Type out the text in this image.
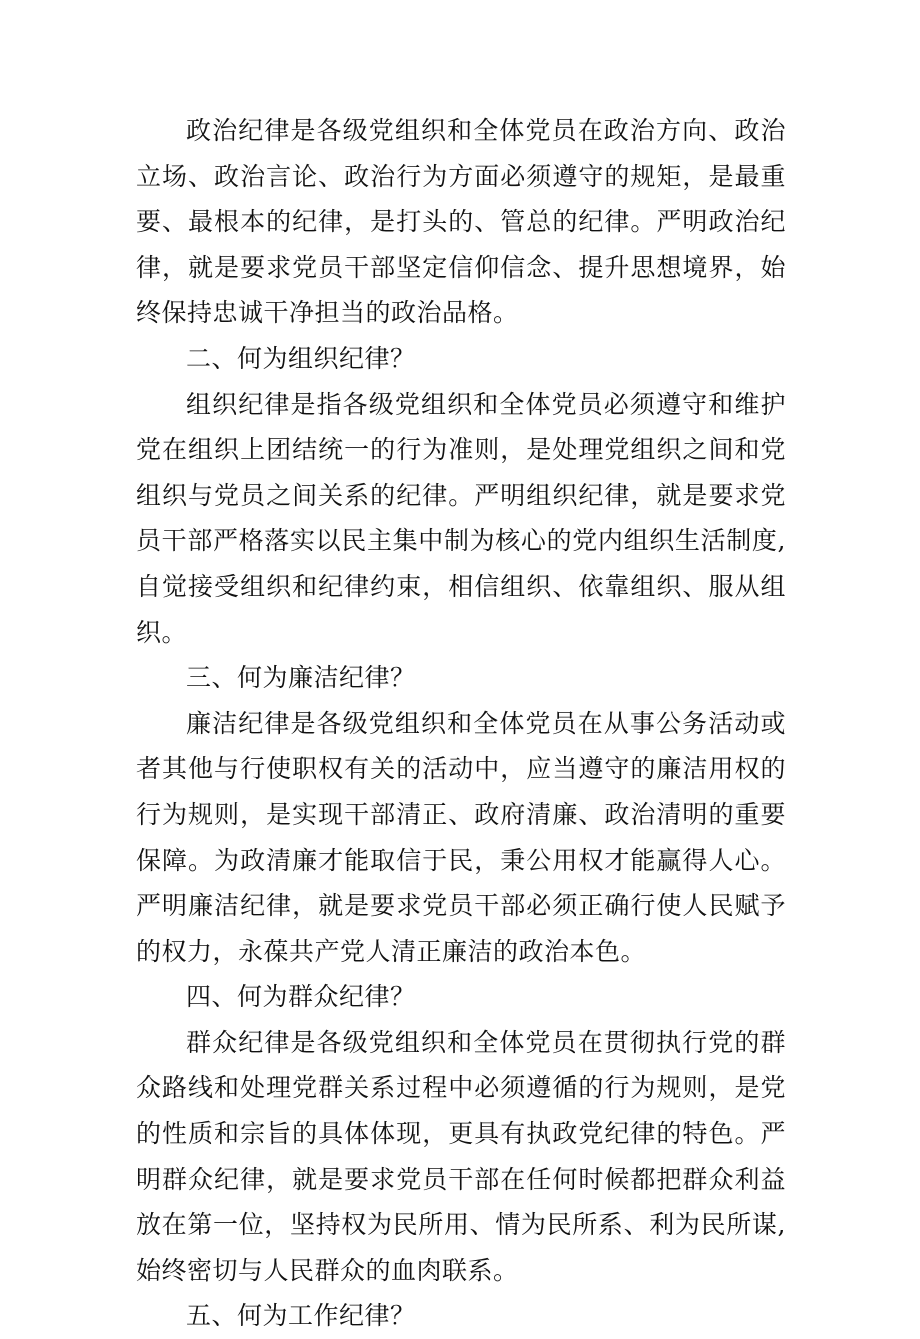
政治纪律是各级党组织和全体党员在政治方向、政治立场、政治言论、政治行为方面必须遵守的规矩，是最重要、最根本的纪律，是打头的、管总的纪律。严明政治纪律，就是要求党员干部坚定信仰信念、提升思想境界，始终保持忠诚干净担当的政治品格。

二、何为组织纪律？

组织纪律是指各级党组织和全体党员必须遵守和维护党在组织上团结统一的行为准则，是处理党组织之间和党组织与党员之间关系的纪律。严明组织纪律，就是要求党员干部严格落实以民主集中制为核心的党内组织生活制度,自觉接受组织和纪律约束，相信组织、依靠组织、服从组织。

三、何为廉洁纪律？

廉洁纪律是各级党组织和全体党员在从事公务活动或者其他与行使职权有关的活动中，应当遵守的廉洁用权的行为规则，是实现干部清正、政府清廉、政治清明的重要保障。为政清廉才能取信于民，秉公用权才能赢得人心。严明廉洁纪律，就是要求党员干部必须正确行使人民赋予的权力，永葆共产党人清正廉洁的政治本色。

四、何为群众纪律？

群众纪律是各级党组织和全体党员在贯彻执行党的群众路线和处理党群关系过程中必须遵循的行为规则，是党的性质和宗旨的具体体现，更具有执政党纪律的特色。严明群众纪律，就是要求党员干部在任何时候都把群众利益放在第一位，坚持权为民所用、情为民所系、利为民所谋,始终密切与人民群众的血肉联系。

五、何为工作纪律？
